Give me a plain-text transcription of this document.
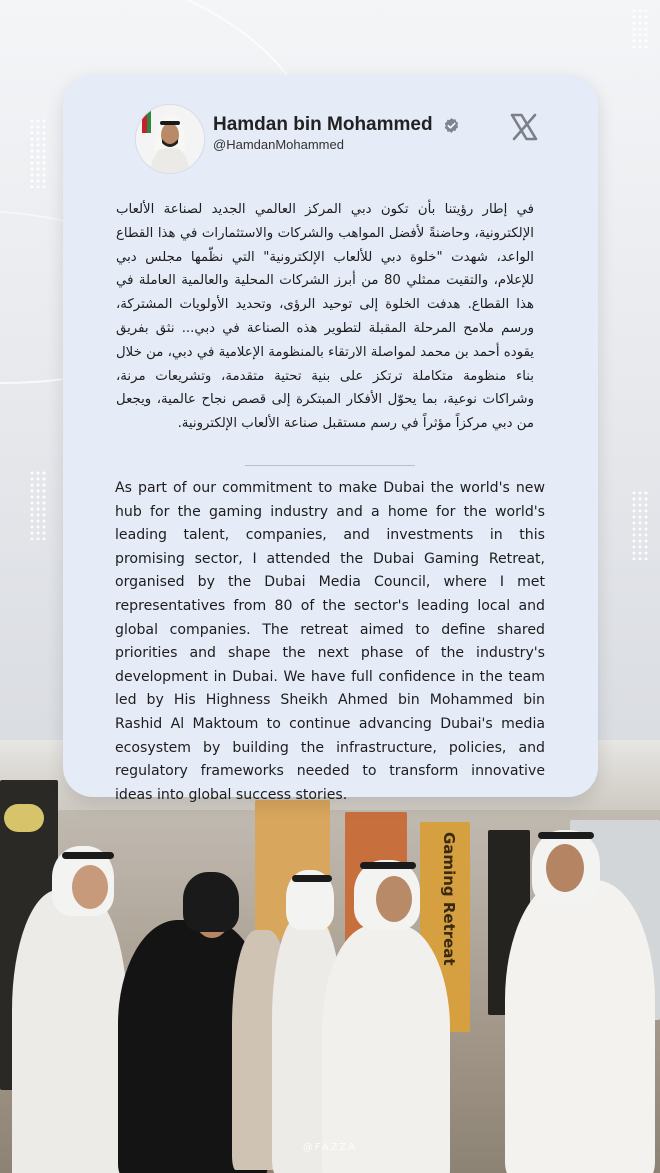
Gaming Retreat
@FAZZA
Hamdan bin Mohammed
@HamdanMohammed
في إطار رؤيتنا بأن تكون دبي المركز العالمي الجديد لصناعة الألعاب الإلكترونية، وحاضنةً لأفضل المواهب والشركات والاستثمارات في هذا القطاع الواعد، شهدت "خلوة دبي للألعاب الإلكترونية" التي نظّمها مجلس دبي للإعلام، والتقيت ممثلي 80 من أبرز الشركات المحلية والعالمية العاملة في هذا القطاع. هدفت الخلوة إلى توحيد الرؤى، وتحديد الأولويات المشتركة، ورسم ملامح المرحلة المقبلة لتطوير هذه الصناعة في دبي... نثق بفريق يقوده أحمد بن محمد لمواصلة الارتقاء بالمنظومة الإعلامية في دبي، من خلال بناء منظومة متكاملة ترتكز على بنية تحتية متقدمة، وتشريعات مرنة، وشراكات نوعية، بما يحوّل الأفكار المبتكرة إلى قصص نجاح عالمية، ويجعل من دبي مركزاً مؤثراً في رسم مستقبل صناعة الألعاب الإلكترونية.
As part of our commitment to make Dubai the world's new hub for the gaming industry and a home for the world's leading talent, companies, and investments in this promising sector, I attended the Dubai Gaming Retreat, organised by the Dubai Media Council, where I met representatives from 80 of the sector's leading local and global companies. The retreat aimed to define shared priorities and shape the next phase of the industry's development in Dubai. We have full confidence in the team led by His Highness Sheikh Ahmed bin Mohammed bin Rashid Al Maktoum to continue advancing Dubai's media ecosystem by building the infrastructure, policies, and regulatory frameworks needed to transform innovative ideas into global success stories.
